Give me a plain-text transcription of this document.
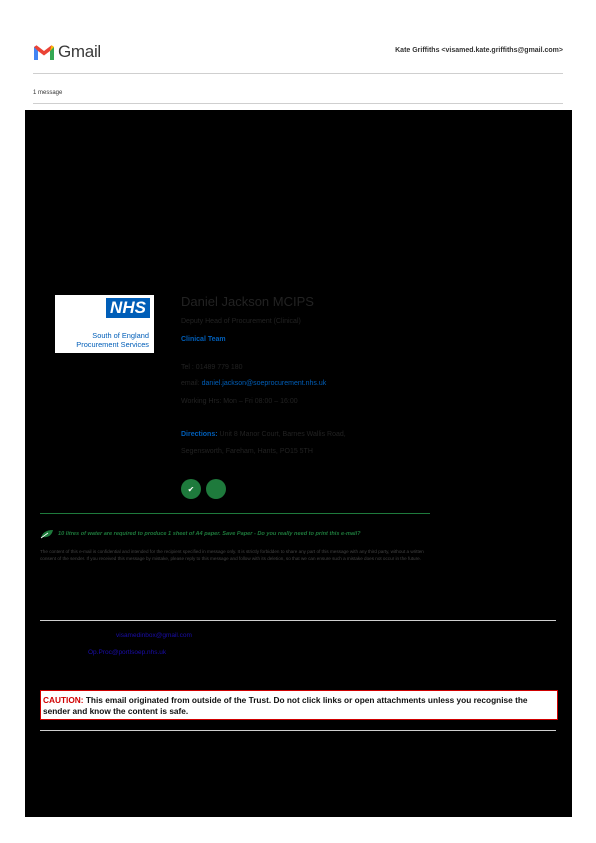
Gmail	Kate Griffiths <visamed.kate.griffiths@gmail.com>
1 message
NHS
South of England
Procurement Services
Daniel Jackson MCIPS
Deputy Head of Procurement (Clinical)
Clinical Team
Tel : 01489 779 180
email: daniel.jackson@soeprocurement.nhs.uk
Working Hrs: Mon – Fri 08:00 – 16:00
Directions: Unit 8 Manor Court, Barnes Wallis Road,
Segensworth, Fareham, Hants, PO15 5TH
✔
10 litres of water are required to produce 1 sheet of A4 paper. Save Paper - Do you really need to print this e-mail?
The content of this e-mail is confidential and intended for the recipient specified in message only. It is strictly forbidden to share any part of this message with any third party, without a written consent of the sender. If you received this message by mistake, please reply to this message and follow with its deletion, so that we can ensure such a mistake does not occur in the future.
visamedinbox@gmail.com
Op.Proc@portlsoep.nhs.uk
CAUTION: This email originated from outside of the Trust. Do not click links or open attachments unless you recognise the sender and know the content is safe.
